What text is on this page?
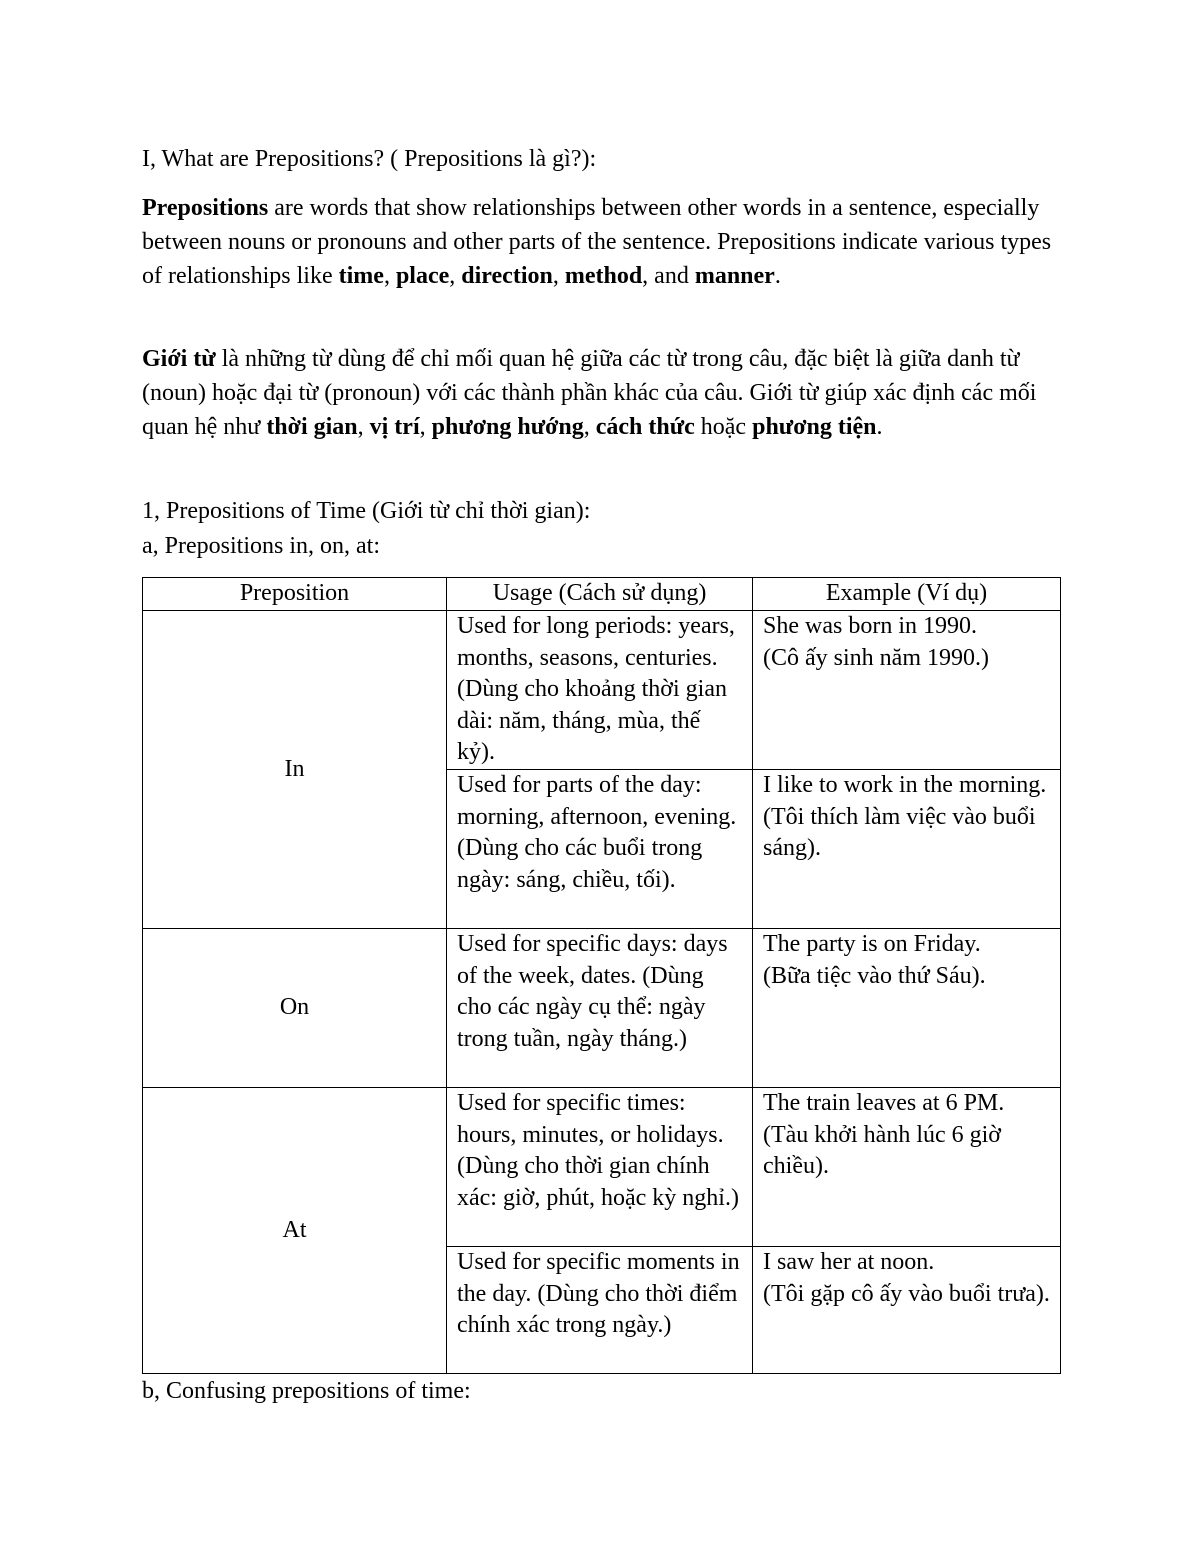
I, What are Prepositions? ( Prepositions là gì?):

Prepositions are words that show relationships between other words in a sentence, especially between nouns or pronouns and other parts of the sentence. Prepositions indicate various types of relationships like time, place, direction, method, and manner.

Giới từ là những từ dùng để chỉ mối quan hệ giữa các từ trong câu, đặc biệt là giữa danh từ (noun) hoặc đại từ (pronoun) với các thành phần khác của câu. Giới từ giúp xác định các mối quan hệ như thời gian, vị trí, phương hướng, cách thức hoặc phương tiện.

1, Prepositions of Time (Giới từ chỉ thời gian):
a, Prepositions in, on, at:
Preposition	Usage (Cách sử dụng)	Example (Ví dụ)
In	Used for long periods: years, months, seasons, centuries. (Dùng cho khoảng thời gian dài: năm, tháng, mùa, thế kỷ).	She was born in 1990.
(Cô ấy sinh năm 1990.)

	Used for parts of the day: morning, afternoon, evening. (Dùng cho các buổi trong ngày: sáng, chiều, tối).	I like to work in the morning.
(Tôi thích làm việc vào buổi sáng).

On	Used for specific days: days of the week, dates. (Dùng cho các ngày cụ thể: ngày trong tuần, ngày tháng.)	The party is on Friday.
(Bữa tiệc vào thứ Sáu).

At	Used for specific times: hours, minutes, or holidays. (Dùng cho thời gian chính xác: giờ, phút, hoặc kỳ nghỉ.)	The train leaves at 6 PM.
(Tàu khởi hành lúc 6 giờ chiều).

	Used for specific moments in the day. (Dùng cho thời điểm chính xác trong ngày.)	I saw her at noon.
(Tôi gặp cô ấy vào buổi trưa).
b, Confusing prepositions of time:
